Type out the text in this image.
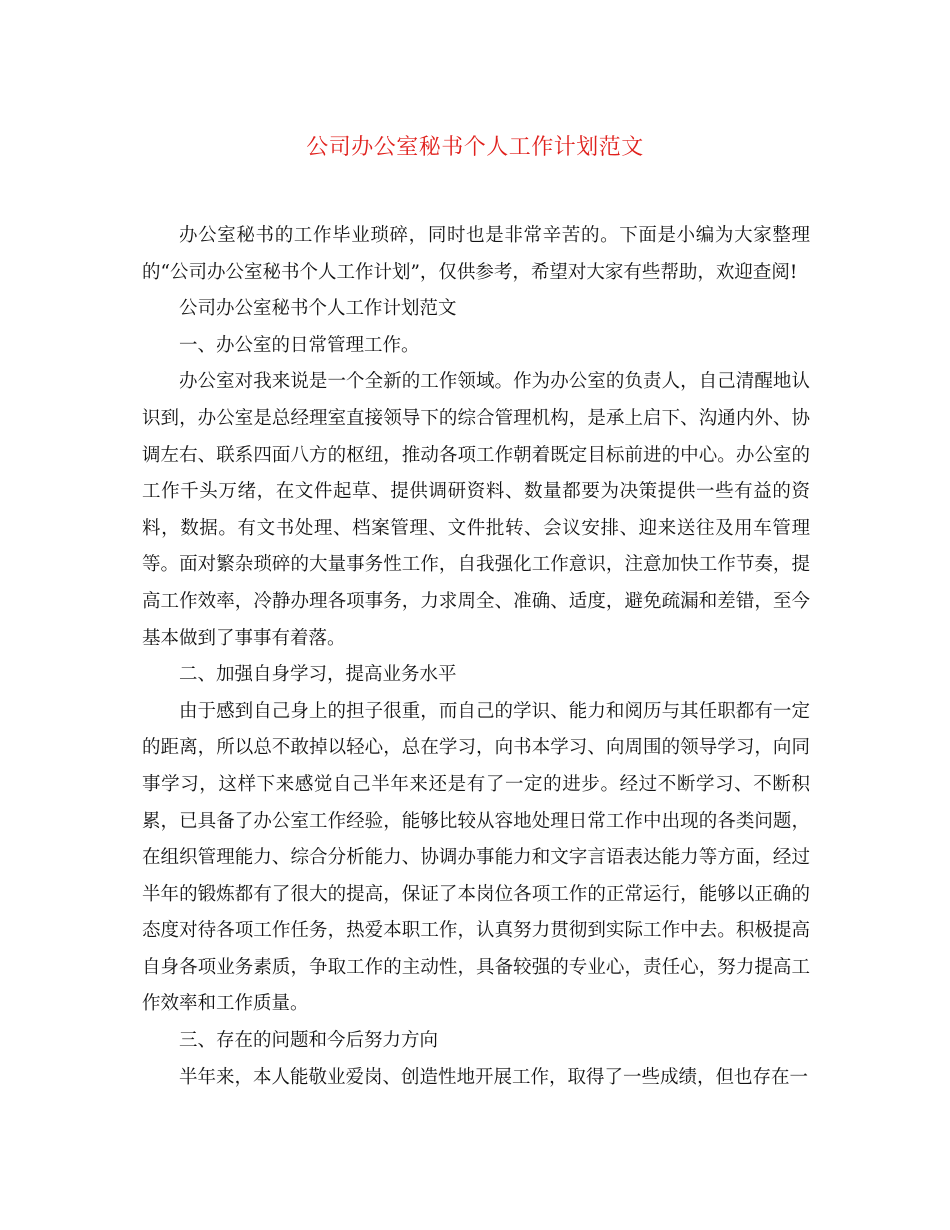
公司办公室秘书个人工作计划范文

办公室秘书的工作毕业琐碎，同时也是非常辛苦的。下面是小编为大家整理的“公司办公室秘书个人工作计划”，仅供参考，希望对大家有些帮助，欢迎查阅!

公司办公室秘书个人工作计划范文

一、办公室的日常管理工作。

办公室对我来说是一个全新的工作领域。作为办公室的负责人，自己清醒地认识到，办公室是总经理室直接领导下的综合管理机构，是承上启下、沟通内外、协调左右、联系四面八方的枢纽，推动各项工作朝着既定目标前进的中心。办公室的工作千头万绪，在文件起草、提供调研资料、数量都要为决策提供一些有益的资料，数据。有文书处理、档案管理、文件批转、会议安排、迎来送往及用车管理等。面对繁杂琐碎的大量事务性工作，自我强化工作意识，注意加快工作节奏，提高工作效率，冷静办理各项事务，力求周全、准确、适度，避免疏漏和差错，至今基本做到了事事有着落。

二、加强自身学习，提高业务水平

由于感到自己身上的担子很重，而自己的学识、能力和阅历与其任职都有一定的距离，所以总不敢掉以轻心，总在学习，向书本学习、向周围的领导学习，向同事学习，这样下来感觉自己半年来还是有了一定的进步。经过不断学习、不断积累，已具备了办公室工作经验，能够比较从容地处理日常工作中出现的各类问题，在组织管理能力、综合分析能力、协调办事能力和文字言语表达能力等方面，经过半年的锻炼都有了很大的提高，保证了本岗位各项工作的正常运行，能够以正确的态度对待各项工作任务，热爱本职工作，认真努力贯彻到实际工作中去。积极提高自身各项业务素质，争取工作的主动性，具备较强的专业心，责任心，努力提高工作效率和工作质量。

三、存在的问题和今后努力方向

半年来，本人能敬业爱岗、创造性地开展工作，取得了一些成绩，但也存在一
